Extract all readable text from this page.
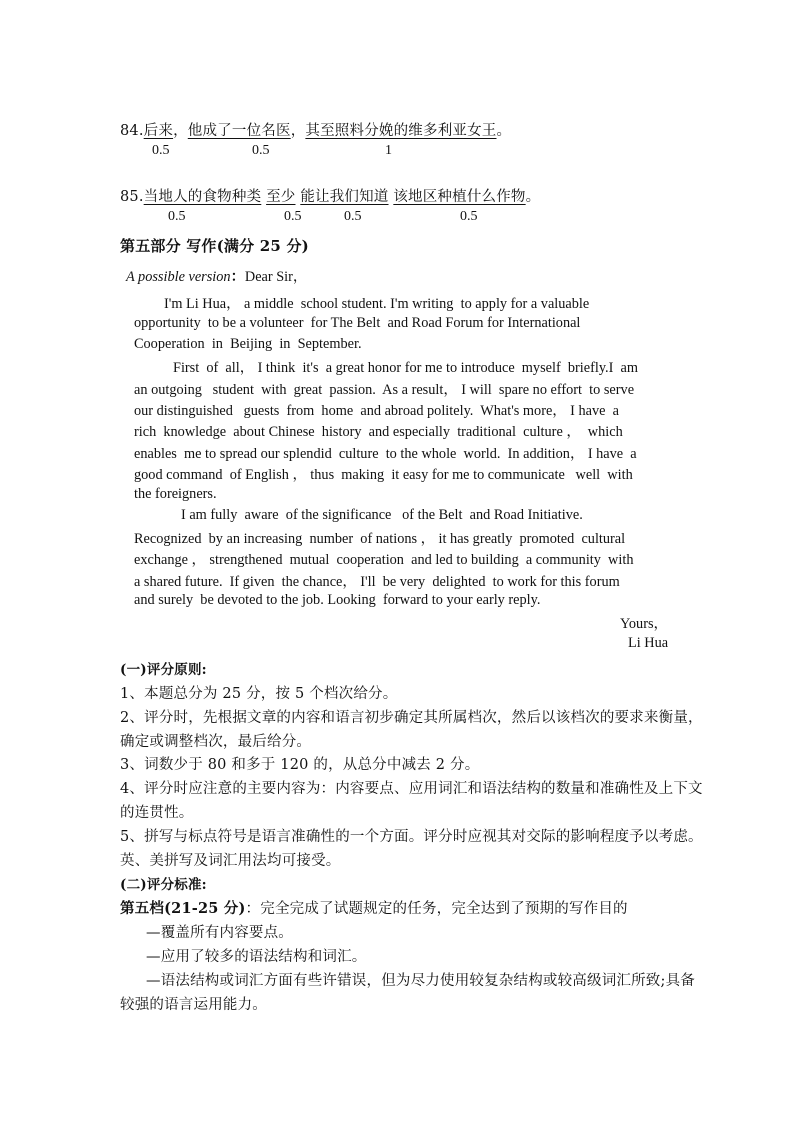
84.后来，他成了一位名医，其至照料分娩的维多利亚女王。
0.5	0.5	1
85.当地人的食物种类 至少 能让我们知道 该地区种植什么作物。
0.5	0.5	0.5	0.5
第五部分 写作(满分 25 分)
A possible version：Dear Sir，
I'm Li Hua， a middle  school student. I'm writing  to apply for a valuable
opportunity  to be a volunteer  for The Belt  and Road Forum for International
Cooperation  in  Beijing  in  September.
First  of  all， I think  it's  a great honor for me to introduce  myself  briefly.I  am
an outgoing   student  with  great  passion.  As a result， I will  spare no effort  to serve
our distinguished   guests  from  home  and abroad politely.  What's more， I have  a
rich  knowledge  about Chinese  history  and especially  traditional  culture ，  which
enables  me to spread our splendid  culture  to the whole  world.  In addition， I have  a
good command  of English ， thus  making  it easy for me to communicate   well  with
the foreigners.
I am fully  aware  of the significance   of the Belt  and Road Initiative.
Recognized  by an increasing  number  of nations ， it has greatly  promoted  cultural
exchange ， strengthened  mutual  cooperation  and led to building  a community  with
a shared future.  If given  the chance， I'll  be very  delighted  to work for this forum
and surely  be devoted to the job. Looking  forward to your early reply.
Yours，
Li Hua
(一)评分原则:
1、本题总分为 25 分，按 5 个档次给分。
2、评分时，先根据文章的内容和语言初步确定其所属档次，然后以该档次的要求来衡量，
确定或调整档次，最后给分。
3、词数少于 80 和多于 120 的，从总分中减去 2 分。
4、评分时应注意的主要内容为：内容要点、应用词汇和语法结构的数量和准确性及上下文
的连贯性。
5、拼写与标点符号是语言准确性的一个方面。评分时应视其对交际的影响程度予以考虑。
英、美拼写及词汇用法均可接受。
(二)评分标准:
第五档(21-25 分)：完全完成了试题规定的任务，完全达到了预期的写作目的
—覆盖所有内容要点。
—应用了较多的语法结构和词汇。
—语法结构或词汇方面有些许错误，但为尽力使用较复杂结构或较高级词汇所致;具备
较强的语言运用能力。
